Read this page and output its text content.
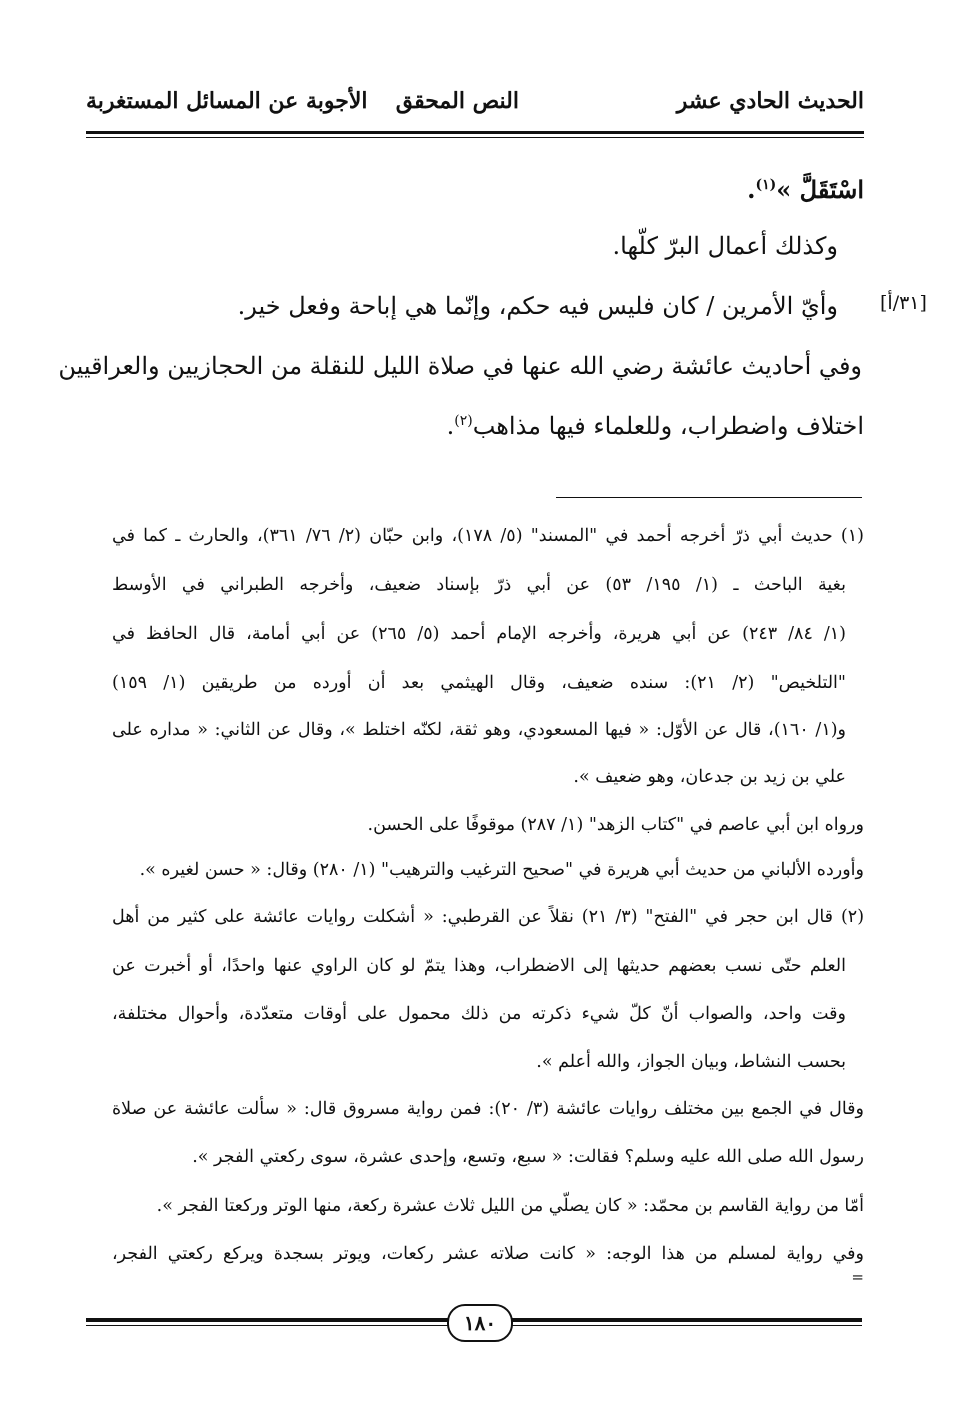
الحديث الحادي عشر
النص المحقق
الأجوبة عن المسائل المستغربة
اسْتَقَلَّ »$^{(١)}$.
وكذلك أعمال البرّ كلّها.
وأيّ الأمرين / كان فليس فيه حكم، وإنّما هي إباحة وفعل خير. [٣١/أ]
وفي أحاديث عائشة رضي الله عنها في صلاة الليل للنقلة من الحجازيين والعراقيين
اختلاف واضطراب، وللعلماء فيها مذاهب$^{(٢)}$.
(١) حديث أبي ذرّ أخرجه أحمد في "المسند" (٥/ ١٧٨)، وابن حبّان (٢/ ٧٦/ ٣٦١)، والحارث ـ كما في
بغية الباحث ـ (١/ ١٩٥/ ٥٣) عن أبي ذرّ بإسناد ضعيف، وأخرجه الطبراني في الأوسط
(١/ ٨٤/ ٢٤٣) عن أبي هريرة، وأخرجه الإمام أحمد (٥/ ٢٦٥) عن أبي أمامة، قال الحافظ في
"التلخيص" (٢/ ٢١): سنده ضعيف، وقال الهيثمي بعد أن أورده من طريقين (١/ ١٥٩)
و(١/ ١٦٠)، قال عن الأوّل: « فيها المسعودي، وهو ثقة، لكنّه اختلط »، وقال عن الثاني: « مداره على
علي بن زيد بن جدعان، وهو ضعيف ».
ورواه ابن أبي عاصم في "كتاب الزهد" (١/ ٢٨٧) موقوفًا على الحسن.
وأورده الألباني من حديث أبي هريرة في "صحيح الترغيب والترهيب" (١/ ٢٨٠) وقال: « حسن لغيره ».
(٢) قال ابن حجر في "الفتح" (٣/ ٢١) نقلاً عن القرطبي: « أشكلت روايات عائشة على كثير من أهل
العلم حتّى نسب بعضهم حديثها إلى الاضطراب، وهذا يتمّ لو كان الراوي عنها واحدًا، أو أخبرت عن
وقت واحد، والصواب أنّ كلّ شيء ذكرته من ذلك محمول على أوقات متعدّدة، وأحوال مختلفة،
بحسب النشاط، وبيان الجواز، والله أعلم ».
وقال في الجمع بين مختلف روايات عائشة (٣/ ٢٠): فمن رواية مسروق قال: « سألت عائشة عن صلاة
رسول الله صلى الله عليه وسلم؟ فقالت: « سبع، وتسع، وإحدى عشرة، سوى ركعتي الفجر ».
أمّا من رواية القاسم بن محمّد: « كان يصلّي من الليل ثلاث عشرة ركعة، منها الوتر وركعتا الفجر ».
وفي رواية لمسلم من هذا الوجه: « كانت صلاته عشر ركعات، ويوتر بسجدة ويركع ركعتي الفجر،
=
١٨٠
